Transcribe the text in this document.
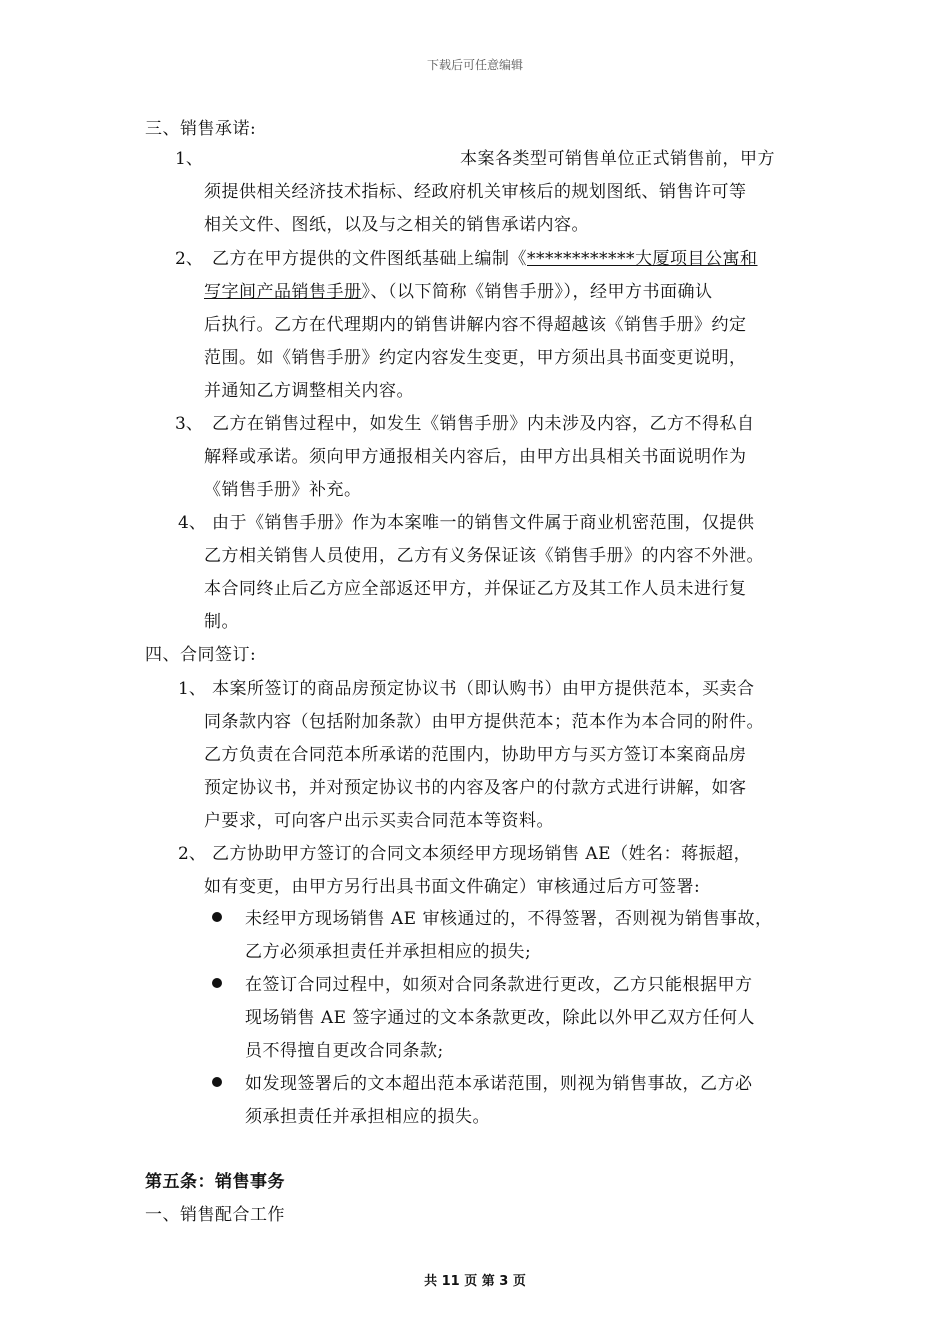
下载后可任意编辑
三、销售承诺:
1、	本案各类型可销售单位正式销售前，甲方
须提供相关经济技术指标、经政府机关审核后的规划图纸、销售许可等
相关文件、图纸，以及与之相关的销售承诺内容。
2、 乙方在甲方提供的文件图纸基础上编制《************大厦项目公寓和
写字间产品销售手册》、（以下简称《销售手册》），经甲方书面确认
后执行。乙方在代理期内的销售讲解内容不得超越该《销售手册》约定
范围。如《销售手册》约定内容发生变更，甲方须出具书面变更说明，
并通知乙方调整相关内容。
3、 乙方在销售过程中，如发生《销售手册》内未涉及内容，乙方不得私自
解释或承诺。须向甲方通报相关内容后，由甲方出具相关书面说明作为
《销售手册》补充。
4、 由于《销售手册》作为本案唯一的销售文件属于商业机密范围，仅提供
乙方相关销售人员使用，乙方有义务保证该《销售手册》的内容不外泄。
本合同终止后乙方应全部返还甲方，并保证乙方及其工作人员未进行复
制。
四、合同签订:
1、 本案所签订的商品房预定协议书（即认购书）由甲方提供范本，买卖合
同条款内容（包括附加条款）由甲方提供范本；范本作为本合同的附件。
乙方负责在合同范本所承诺的范围内，协助甲方与买方签订本案商品房
预定协议书，并对预定协议书的内容及客户的付款方式进行讲解，如客
户要求，可向客户出示买卖合同范本等资料。
2、 乙方协助甲方签订的合同文本须经甲方现场销售 AE（姓名：蒋振超，
如有变更，由甲方另行出具书面文件确定）审核通过后方可签署:
未经甲方现场销售 AE 审核通过的，不得签署，否则视为销售事故，
乙方必须承担责任并承担相应的损失;
在签订合同过程中，如须对合同条款进行更改，乙方只能根据甲方
现场销售 AE 签字通过的文本条款更改，除此以外甲乙双方任何人
员不得擅自更改合同条款;
如发现签署后的文本超出范本承诺范围，则视为销售事故，乙方必
须承担责任并承担相应的损失。
第五条：销售事务
一、销售配合工作
共 11 页 第 3 页
